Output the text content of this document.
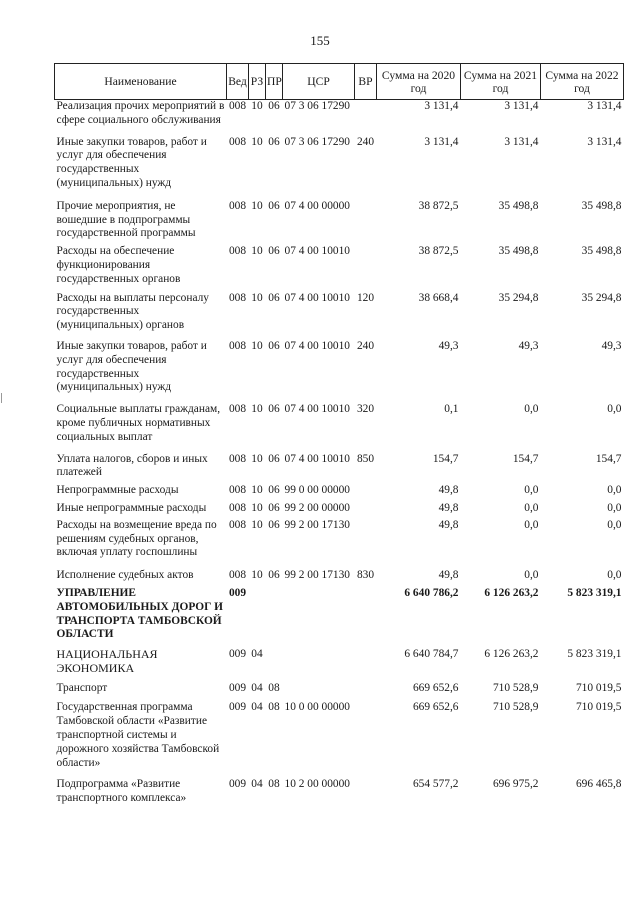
155
Наименование	Вед	РЗ	ПР	ЦСР	ВР	Сумма на 2020 год	Сумма на 2021 год	Сумма на 2022 год
Реализация прочих мероприятий в сфере социального обслуживания	008	10	06	07 3 06 17290		3 131,4	3 131,4	3 131,4
Иные закупки товаров, работ и услуг для обеспечения государственных (муниципальных) нужд	008	10	06	07 3 06 17290	240	3 131,4	3 131,4	3 131,4
Прочие мероприятия, не вошедшие в подпрограммы государственной программы	008	10	06	07 4 00 00000		38 872,5	35 498,8	35 498,8
Расходы на обеспечение функционирования государственных органов	008	10	06	07 4 00 10010		38 872,5	35 498,8	35 498,8
Расходы на выплаты персоналу государственных (муниципальных) органов	008	10	06	07 4 00 10010	120	38 668,4	35 294,8	35 294,8
Иные закупки товаров, работ и услуг для обеспечения государственных (муниципальных) нужд	008	10	06	07 4 00 10010	240	49,3	49,3	49,3
Социальные выплаты гражданам, кроме публичных нормативных социальных выплат	008	10	06	07 4 00 10010	320	0,1	0,0	0,0
Уплата налогов, сборов и иных платежей	008	10	06	07 4 00 10010	850	154,7	154,7	154,7
Непрограммные расходы	008	10	06	99 0 00 00000		49,8	0,0	0,0
Иные непрограммные расходы	008	10	06	99 2 00 00000		49,8	0,0	0,0
Расходы на возмещение вреда по решениям судебных органов, включая уплату госпошлины	008	10	06	99 2 00 17130		49,8	0,0	0,0
Исполнение судебных актов	008	10	06	99 2 00 17130	830	49,8	0,0	0,0
УПРАВЛЕНИЕ АВТОМОБИЛЬНЫХ ДОРОГ И ТРАНСПОРТА ТАМБОВСКОЙ ОБЛАСТИ	009					6 640 786,2	6 126 263,2	5 823 319,1
НАЦИОНАЛЬНАЯ ЭКОНОМИКА	009	04				6 640 784,7	6 126 263,2	5 823 319,1
Транспорт	009	04	08			669 652,6	710 528,9	710 019,5
Государственная программа Тамбовской области «Развитие транспортной системы и дорожного хозяйства Тамбовской области»	009	04	08	10 0 00 00000		669 652,6	710 528,9	710 019,5
Подпрограмма «Развитие транспортного комплекса»	009	04	08	10 2 00 00000		654 577,2	696 975,2	696 465,8
